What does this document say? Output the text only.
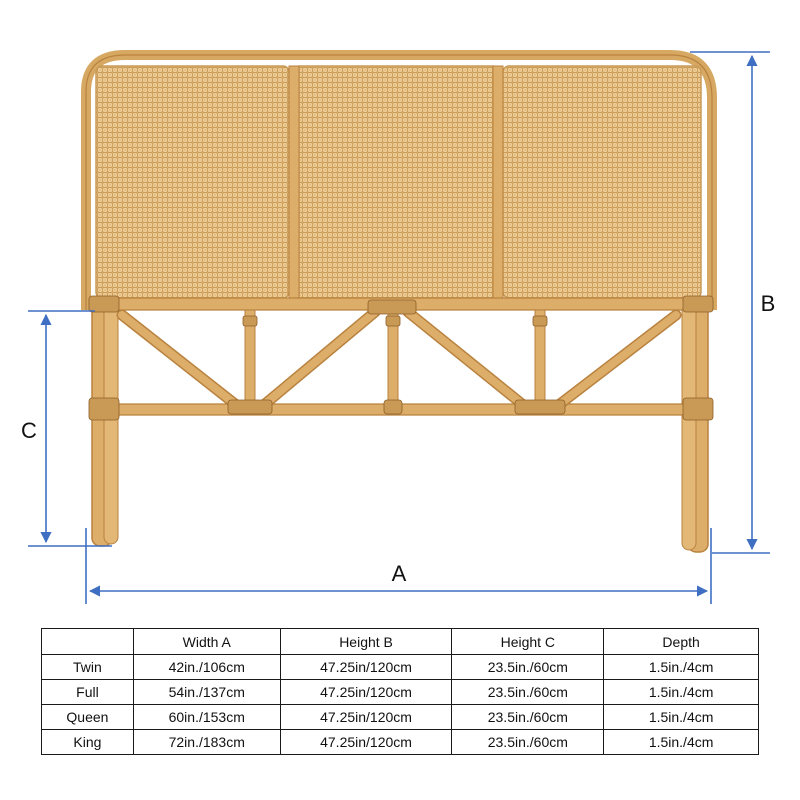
A
B
C
	Width A	Height B	Height C	Depth
Twin	42in./106cm	47.25in/120cm	23.5in./60cm	1.5in./4cm
Full	54in./137cm	47.25in/120cm	23.5in./60cm	1.5in./4cm
Queen	60in./153cm	47.25in/120cm	23.5in./60cm	1.5in./4cm
King	72in./183cm	47.25in/120cm	23.5in./60cm	1.5in./4cm
